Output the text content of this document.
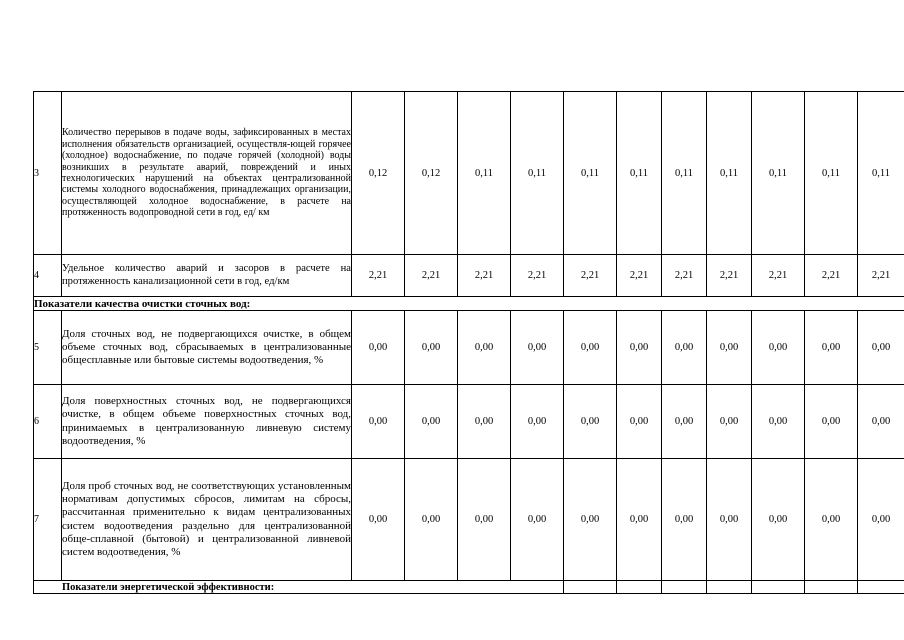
3	Количество перерывов в подаче воды, зафиксированных в местах исполнения обязательств организацией, осуществля-ющей горячее (холодное) водоснабжение, по подаче горячей (холодной) воды возникших в результате аварий, повреждений и иных технологических нарушений на объектах централизованной системы холодного водоснабжения, принадлежащих организации, осуществляющей холодное водоснабжение, в расчете на протяженность водопроводной сети в год, ед/ км	0,12	0,12	0,11	0,11	0,11	0,11	0,11	0,11	0,11	0,11	0,11
4	Удельное количество аварий и засоров в расчете на протяженность канализационной сети в год, ед/км	2,21	2,21	2,21	2,21	2,21	2,21	2,21	2,21	2,21	2,21	2,21
Показатели качества очистки сточных вод:												
5	Доля сточных вод, не подвергающихся очистке, в общем объеме сточных вод, сбрасываемых в централизованные общесплавные или бытовые системы водоотведения, %	0,00	0,00	0,00	0,00	0,00	0,00	0,00	0,00	0,00	0,00	0,00
6	Доля поверхностных сточных вод, не подвергающихся очистке, в общем объеме поверхностных сточных вод, принимаемых в централизованную ливневую систему водоотведения, %	0,00	0,00	0,00	0,00	0,00	0,00	0,00	0,00	0,00	0,00	0,00
7	Доля проб сточных вод, не соответствующих установленным нормативам допустимых сбросов, лимитам на сбросы, рассчитанная применительно к видам централизованных систем водоотведения раздельно для централизованной обще-сплавной (бытовой) и централизованной ливневой систем водоотведения, %	0,00	0,00	0,00	0,00	0,00	0,00	0,00	0,00	0,00	0,00	0,00
Показатели энергетической эффективности:												
